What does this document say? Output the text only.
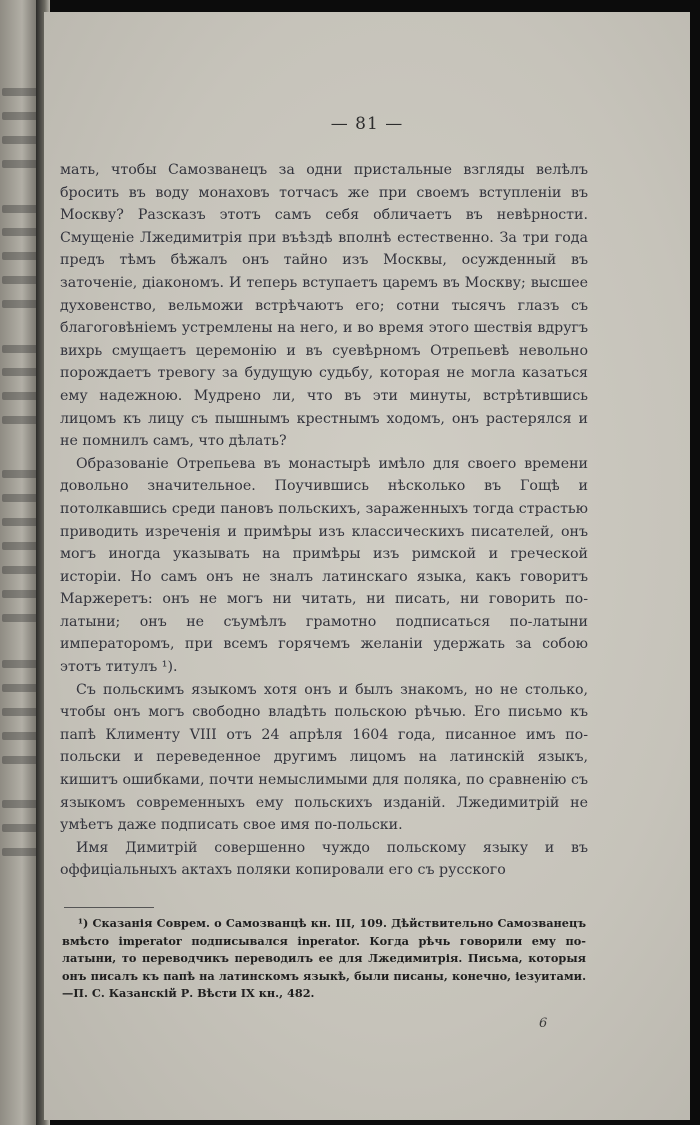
— 81 —

мать, чтобы Самозванецъ за одни пристальные взгляды велѣлъ бросить въ воду монаховъ тотчасъ же при своемъ вступленіи въ Москву? Разсказъ этотъ самъ себя обличаетъ въ невѣрности. Смущеніе Лжедимитрія при въѣздѣ вполнѣ естественно. За три года предъ тѣмъ бѣжалъ онъ тайно изъ Москвы, осужденный въ заточеніе, діакономъ. И теперь вступаетъ царемъ въ Москву; высшее духовенство, вельможи встрѣчаютъ его; сотни тысячъ глазъ съ благоговѣніемъ устремлены на него, и во время этого шествія вдругъ вихрь смущаетъ церемонію и въ суевѣрномъ Отрепьевѣ невольно порождаетъ тревогу за будущую судьбу, которая не могла казаться ему надежною. Мудрено ли, что въ эти минуты, встрѣтившись лицомъ къ лицу съ пышнымъ крестнымъ ходомъ, онъ растерялся и не помнилъ самъ, что дѣлать?

Образованіе Отрепьева въ монастырѣ имѣло для своего времени довольно значительное. Поучившись нѣсколько въ Гощѣ и потолкавшись среди пановъ польскихъ, зараженныхъ тогда страстью приводить изреченія и примѣры изъ классическихъ писателей, онъ могъ иногда указывать на примѣры изъ римской и греческой исторіи. Но самъ онъ не зналъ латинскаго языка, какъ говоритъ Маржеретъ: онъ не могъ ни читать, ни писать, ни говорить по-латыни; онъ не съумѣлъ грамотно подписаться по-латыни императоромъ, при всемъ горячемъ желаніи удержать за собою этотъ титулъ ¹).

Съ польскимъ языкомъ хотя онъ и былъ знакомъ, но не столько, чтобы онъ могъ свободно владѣть польскою рѣчью. Его письмо къ папѣ Клименту VIII отъ 24 апрѣля 1604 года, писанное имъ по-польски и переведенное другимъ лицомъ на латинскій языкъ, кишитъ ошибками, почти немыслимыми для поляка, по сравненію съ языкомъ современныхъ ему польскихъ изданій. Лжедимитрій не умѣетъ даже подписать свое имя по-польски.

Имя Димитрій совершенно чуждо польскому языку и въ оффиціальныхъ актахъ поляки копировали его съ русского

¹) Сказанія Соврем. о Самозванцѣ кн. III, 109. Дѣйствительно Самозванецъ вмѣсто imperator подписывался inperator. Когда рѣчь говорили ему по-латыни, то переводчикъ переводилъ ее для Лжедимитрія. Письма, которыя онъ писалъ къ папѣ на латинскомъ языкѣ, были писаны, конечно, іезуитами.—П. С. Казанскій Р. Вѣсти IX кн., 482.

6
